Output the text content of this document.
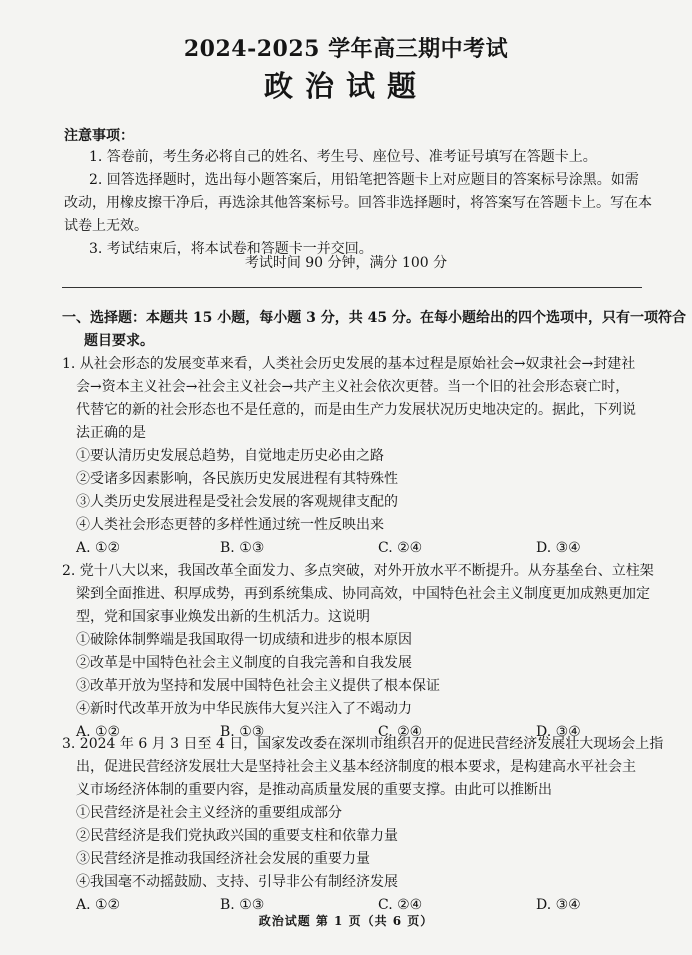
2024-2025 学年高三期中考试
政治试题
注意事项：
1. 答卷前，考生务必将自己的姓名、考生号、座位号、准考证号填写在答题卡上。
2. 回答选择题时，选出每小题答案后，用铅笔把答题卡上对应题目的答案标号涂黑。如需
改动，用橡皮擦干净后，再选涂其他答案标号。回答非选择题时，将答案写在答题卡上。写在本
试卷上无效。
3. 考试结束后，将本试卷和答题卡一并交回。
考试时间 90 分钟，满分 100 分
一、选择题：本题共 15 小题，每小题 3 分，共 45 分。在每小题给出的四个选项中，只有一项符合
题目要求。
1. 从社会形态的发展变革来看，人类社会历史发展的基本过程是原始社会→奴隶社会→封建社
会→资本主义社会→社会主义社会→共产主义社会依次更替。当一个旧的社会形态衰亡时，
代替它的新的社会形态也不是任意的，而是由生产力发展状况历史地决定的。据此，下列说
法正确的是
①要认清历史发展总趋势，自觉地走历史必由之路
②受诸多因素影响，各民族历史发展进程有其特殊性
③人类历史发展进程是受社会发展的客观规律支配的
④人类社会形态更替的多样性通过统一性反映出来
A. ①②	B. ①③	C. ②④	D. ③④
2. 党十八大以来，我国改革全面发力、多点突破，对外开放水平不断提升。从夯基垒台、立柱架
梁到全面推进、积厚成势，再到系统集成、协同高效，中国特色社会主义制度更加成熟更加定
型，党和国家事业焕发出新的生机活力。这说明
①破除体制弊端是我国取得一切成绩和进步的根本原因
②改革是中国特色社会主义制度的自我完善和自我发展
③改革开放为坚持和发展中国特色社会主义提供了根本保证
④新时代改革开放为中华民族伟大复兴注入了不竭动力
A. ①②	B. ①③	C. ②④	D. ③④
3. 2024 年 6 月 3 日至 4 日，国家发改委在深圳市组织召开的促进民营经济发展壮大现场会上指
出，促进民营经济发展壮大是坚持社会主义基本经济制度的根本要求，是构建高水平社会主
义市场经济体制的重要内容，是推动高质量发展的重要支撑。由此可以推断出
①民营经济是社会主义经济的重要组成部分
②民营经济是我们党执政兴国的重要支柱和依靠力量
③民营经济是推动我国经济社会发展的重要力量
④我国毫不动摇鼓励、支持、引导非公有制经济发展
A. ①②	B. ①③	C. ②④	D. ③④
政治试题 第 1 页（共 6 页）
